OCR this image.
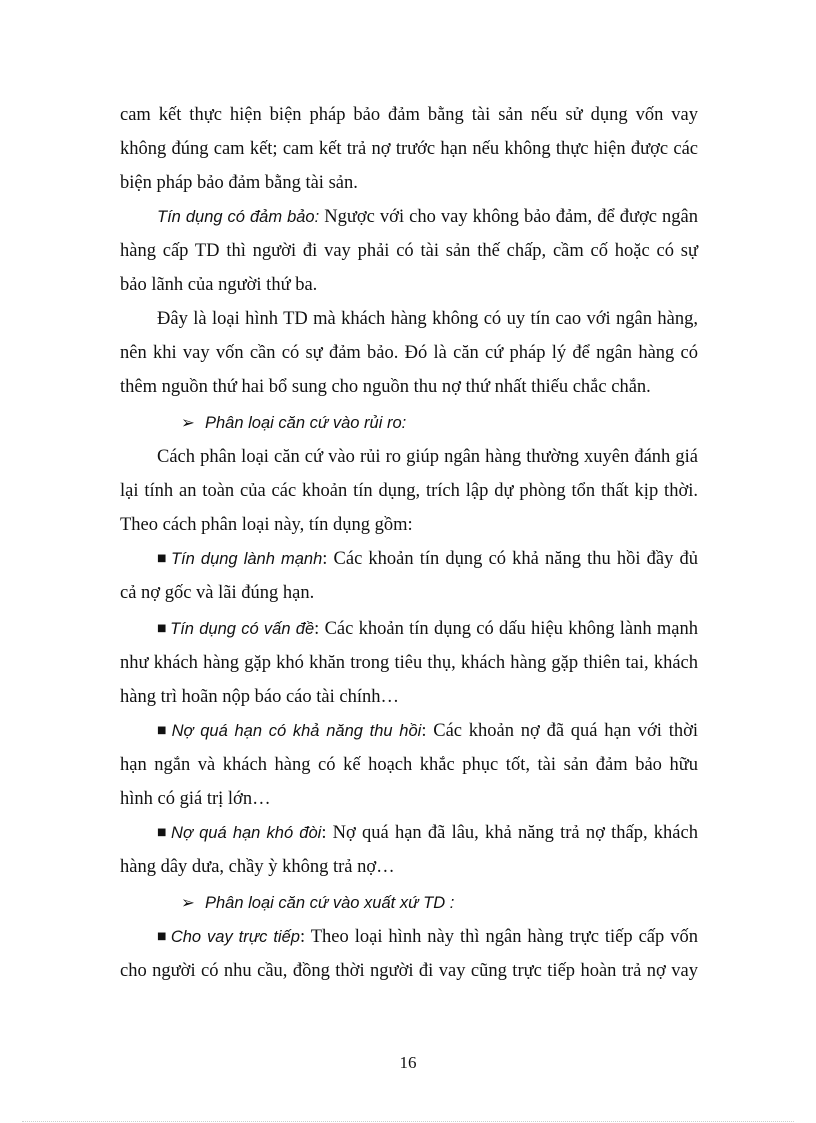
cam kết thực hiện biện pháp bảo đảm bằng tài sản nếu sử dụng vốn vay
không đúng cam kết; cam kết trả nợ trước hạn nếu không thực hiện được các
biện pháp bảo đảm bằng tài sản.
Tín dụng có đảm bảo: Ngược với cho vay không bảo đảm, để được ngân
hàng cấp TD thì người đi vay phải có tài sản thế chấp, cầm cố hoặc có sự
bảo lãnh của người thứ ba.
Đây là loại hình TD mà khách hàng không có uy tín cao với ngân hàng,
nên khi vay vốn cần có sự đảm bảo. Đó là căn cứ pháp lý để ngân hàng có
thêm nguồn thứ hai bổ sung cho nguồn thu nợ thứ nhất thiếu chắc chắn.
➢ Phân loại căn cứ vào rủi ro:
Cách phân loại căn cứ vào rủi ro giúp ngân hàng thường xuyên đánh giá
lại tính an toàn của các khoản tín dụng, trích lập dự phòng tổn thất kịp thời.
Theo cách phân loại này, tín dụng gồm:
■ Tín dụng lành mạnh: Các khoản tín dụng có khả năng thu hồi đầy đủ
cả nợ gốc và lãi đúng hạn.
■ Tín dụng có vấn đề: Các khoản tín dụng có dấu hiệu không lành mạnh
như khách hàng gặp khó khăn trong tiêu thụ, khách hàng gặp thiên tai, khách
hàng trì hoãn nộp báo cáo tài chính…
■ Nợ quá hạn có khả năng thu hồi: Các khoản nợ đã quá hạn với thời
hạn ngắn và khách hàng có kế hoạch khắc phục tốt, tài sản đảm bảo hữu
hình có giá trị lớn…
■ Nợ quá hạn khó đòi: Nợ quá hạn đã lâu, khả năng trả nợ thấp, khách
hàng dây dưa, chầy ỳ không trả nợ…
➢ Phân loại căn cứ vào xuất xứ TD :
■ Cho vay trực tiếp: Theo loại hình này thì ngân hàng trực tiếp cấp vốn
cho người có nhu cầu, đồng thời người đi vay cũng trực tiếp hoàn trả nợ vay
16
